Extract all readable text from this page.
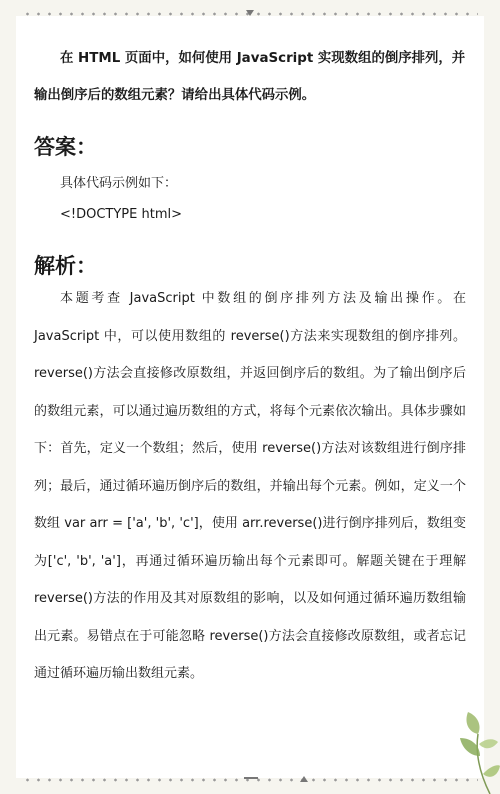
在 HTML 页面中，如何使用 JavaScript 实现数组的倒序排列，并输出倒序后的数组元素？请给出具体代码示例。

答案：

具体代码示例如下：

<!DOCTYPE html>

解析：

本题考查 JavaScript 中数组的倒序排列方法及输出操作。在 JavaScript 中，可以使用数组的 reverse()方法来实现数组的倒序排列。reverse()方法会直接修改原数组，并返回倒序后的数组。为了输出倒序后的数组元素，可以通过遍历数组的方式，将每个元素依次输出。具体步骤如下：首先，定义一个数组；然后，使用 reverse()方法对该数组进行倒序排列；最后，通过循环遍历倒序后的数组，并输出每个元素。例如，定义一个数组 var arr = ['a', 'b', 'c']，使用 arr.reverse()进行倒序排列后，数组变为['c', 'b', 'a']，再通过循环遍历输出每个元素即可。解题关键在于理解 reverse()方法的作用及其对原数组的影响，以及如何通过循环遍历数组输出元素。易错点在于可能忽略 reverse()方法会直接修改原数组，或者忘记通过循环遍历输出数组元素。
